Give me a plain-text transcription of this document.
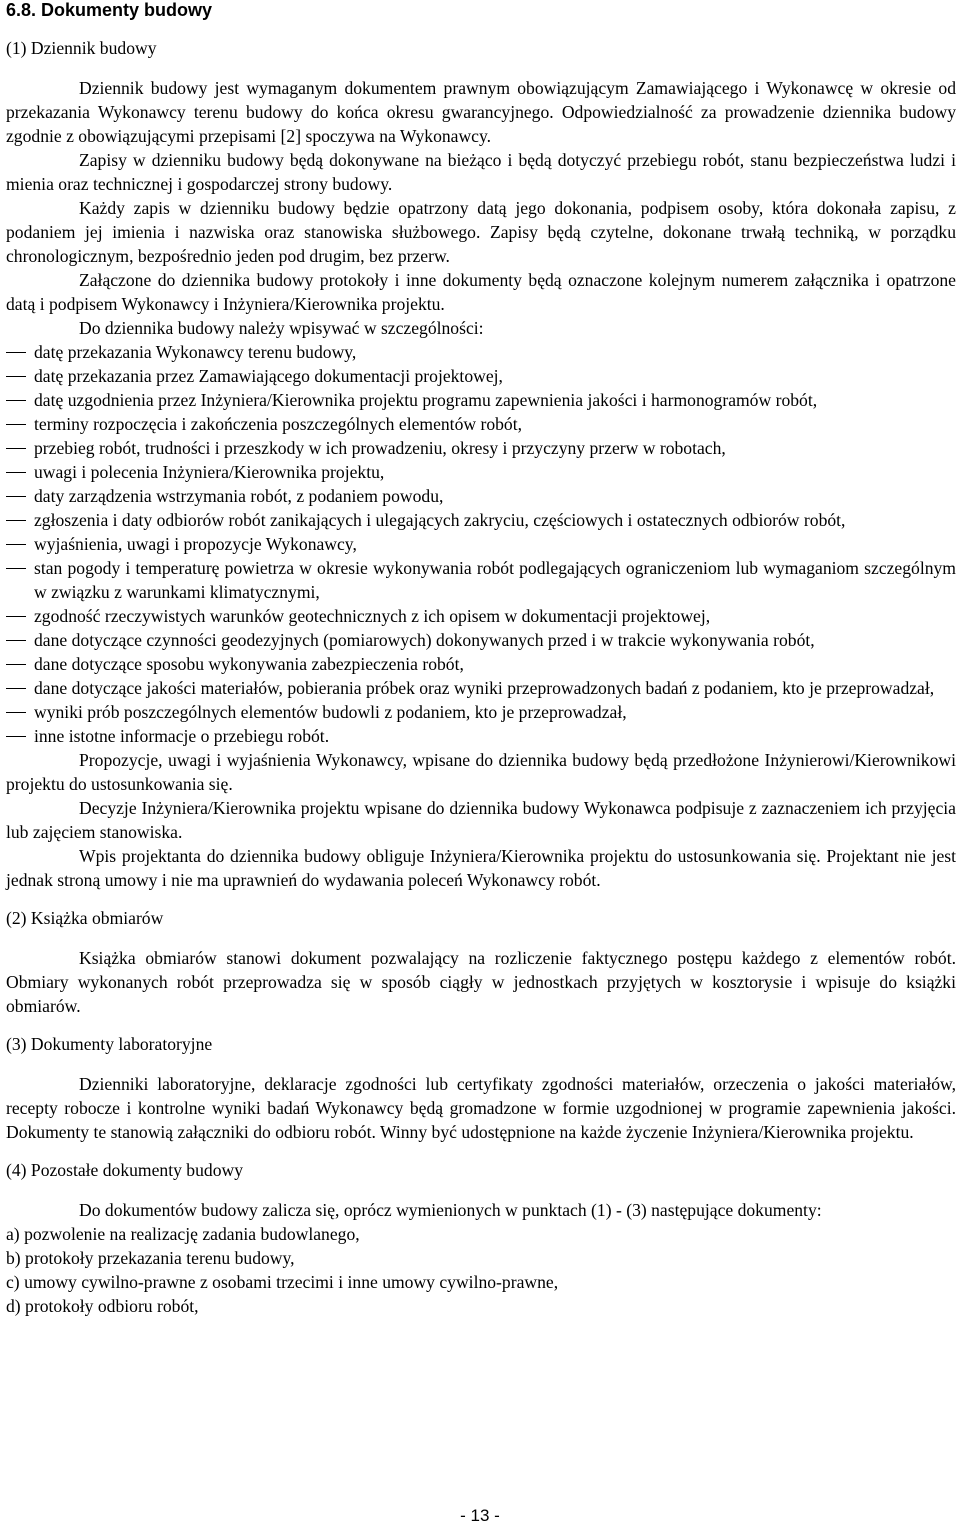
6.8. Dokumenty budowy
(1) Dziennik budowy

Dziennik budowy jest wymaganym dokumentem prawnym obowiązującym Zamawiającego i Wykonawcę w okresie od przekazania Wykonawcy terenu budowy do końca okresu gwarancyjnego. Odpowiedzialność za prowadzenie dziennika budowy zgodnie z obowiązującymi przepisami [2] spoczywa na Wykonawcy.

Zapisy w dzienniku budowy będą dokonywane na bieżąco i będą dotyczyć przebiegu robót, stanu bezpieczeństwa ludzi i mienia oraz technicznej i gospodarczej strony budowy.

Każdy zapis w dzienniku budowy będzie opatrzony datą jego dokonania, podpisem osoby, która dokonała zapisu, z podaniem jej imienia i nazwiska oraz stanowiska służbowego. Zapisy będą czytelne, dokonane trwałą techniką, w porządku chronologicznym, bezpośrednio jeden pod drugim, bez przerw.

Załączone do dziennika budowy protokoły i inne dokumenty będą oznaczone kolejnym numerem załącznika i opatrzone datą i podpisem Wykonawcy i Inżyniera/Kierownika projektu.

Do dziennika budowy należy wpisywać w szczególności:

datę przekazania Wykonawcy terenu budowy,
datę przekazania przez Zamawiającego dokumentacji projektowej,
datę uzgodnienia przez Inżyniera/Kierownika projektu programu zapewnienia jakości i harmonogramów robót,
terminy rozpoczęcia i zakończenia poszczególnych elementów robót,
przebieg robót, trudności i przeszkody w ich prowadzeniu, okresy i przyczyny przerw w robotach,
uwagi i polecenia Inżyniera/Kierownika projektu,
daty zarządzenia wstrzymania robót, z podaniem powodu,
zgłoszenia i daty odbiorów robót zanikających i ulegających zakryciu, częściowych i ostatecznych odbiorów robót,
wyjaśnienia, uwagi i propozycje Wykonawcy,
stan pogody i temperaturę powietrza w okresie wykonywania robót podlegających ograniczeniom lub wymaganiom szczególnym w związku z warunkami klimatycznymi,
zgodność rzeczywistych warunków geotechnicznych z ich opisem w dokumentacji projektowej,
dane dotyczące czynności geodezyjnych (pomiarowych) dokonywanych przed i w trakcie wykonywania robót,
dane dotyczące sposobu wykonywania zabezpieczenia robót,
dane dotyczące jakości materiałów, pobierania próbek oraz wyniki przeprowadzonych badań z podaniem, kto je przeprowadzał,
wyniki prób poszczególnych elementów budowli z podaniem, kto je przeprowadzał,
inne istotne informacje o przebiegu robót.

Propozycje, uwagi i wyjaśnienia Wykonawcy, wpisane do dziennika budowy będą przedłożone Inżynierowi/Kierownikowi projektu do ustosunkowania się.

Decyzje Inżyniera/Kierownika projektu wpisane do dziennika budowy Wykonawca podpisuje z zaznaczeniem ich przyjęcia lub zajęciem stanowiska.

Wpis projektanta do dziennika budowy obliguje Inżyniera/Kierownika projektu do ustosunkowania się. Projektant nie jest jednak stroną umowy i nie ma uprawnień do wydawania poleceń Wykonawcy robót.

(2) Książka obmiarów

Książka obmiarów stanowi dokument pozwalający na rozliczenie faktycznego postępu każdego z elementów robót. Obmiary wykonanych robót przeprowadza się w sposób ciągły w jednostkach przyjętych w kosztorysie i wpisuje do książki obmiarów.

(3) Dokumenty laboratoryjne

Dzienniki laboratoryjne, deklaracje zgodności lub certyfikaty zgodności materiałów, orzeczenia o jakości materiałów, recepty robocze i kontrolne wyniki badań Wykonawcy będą gromadzone w formie uzgodnionej w programie zapewnienia jakości. Dokumenty te stanowią załączniki do odbioru robót. Winny być udostępnione na każde życzenie Inżyniera/Kierownika projektu.

(4) Pozostałe dokumenty budowy

Do dokumentów budowy zalicza się, oprócz wymienionych w punktach (1) - (3) następujące dokumenty:

a) pozwolenie na realizację zadania budowlanego,
b) protokoły przekazania terenu budowy,
c) umowy cywilno-prawne z osobami trzecimi i inne umowy cywilno-prawne,
d) protokoły odbioru robót,
- 13 -
